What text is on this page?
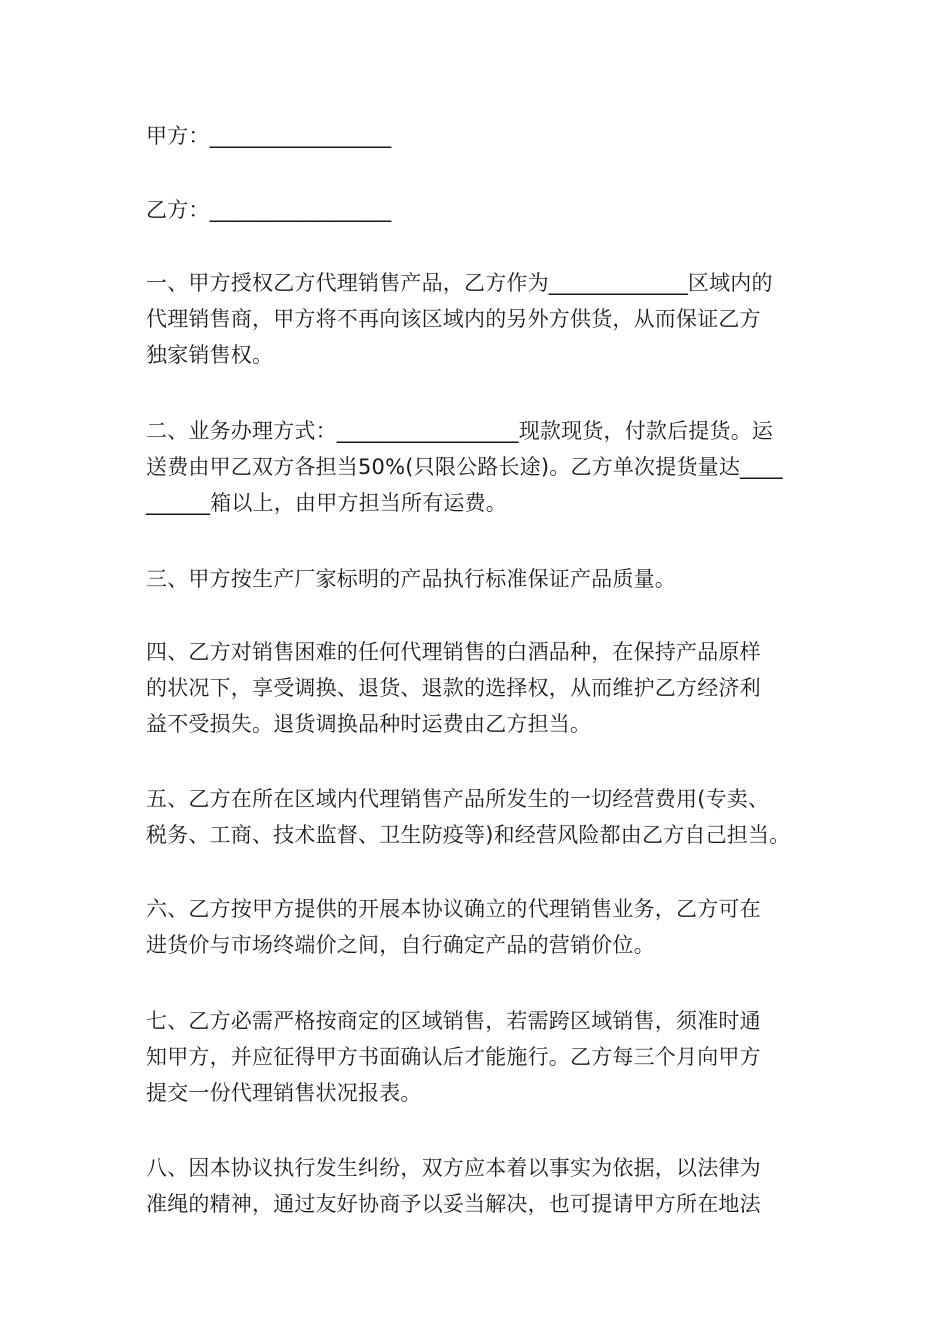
甲方：_________________
乙方：_________________
一、甲方授权乙方代理销售产品，乙方作为_____________区域内的
代理销售商，甲方将不再向该区域内的另外方供货，从而保证乙方
独家销售权。
二、业务办理方式：_________________现款现货，付款后提货。运
送费由甲乙双方各担当50%(只限公路长途)。乙方单次提货量达____
______箱以上，由甲方担当所有运费。
三、甲方按生产厂家标明的产品执行标准保证产品质量。
四、乙方对销售困难的任何代理销售的白酒品种，在保持产品原样
的状况下，享受调换、退货、退款的选择权，从而维护乙方经济利
益不受损失。退货调换品种时运费由乙方担当。
五、乙方在所在区域内代理销售产品所发生的一切经营费用(专卖、
税务、工商、技术监督、卫生防疫等)和经营风险都由乙方自己担当。
六、乙方按甲方提供的开展本协议确立的代理销售业务，乙方可在
进货价与市场终端价之间，自行确定产品的营销价位。
七、乙方必需严格按商定的区域销售，若需跨区域销售，须准时通
知甲方，并应征得甲方书面确认后才能施行。乙方每三个月向甲方
提交一份代理销售状况报表。
八、因本协议执行发生纠纷，双方应本着以事实为依据，以法律为
准绳的精神，通过友好协商予以妥当解决，也可提请甲方所在地法
